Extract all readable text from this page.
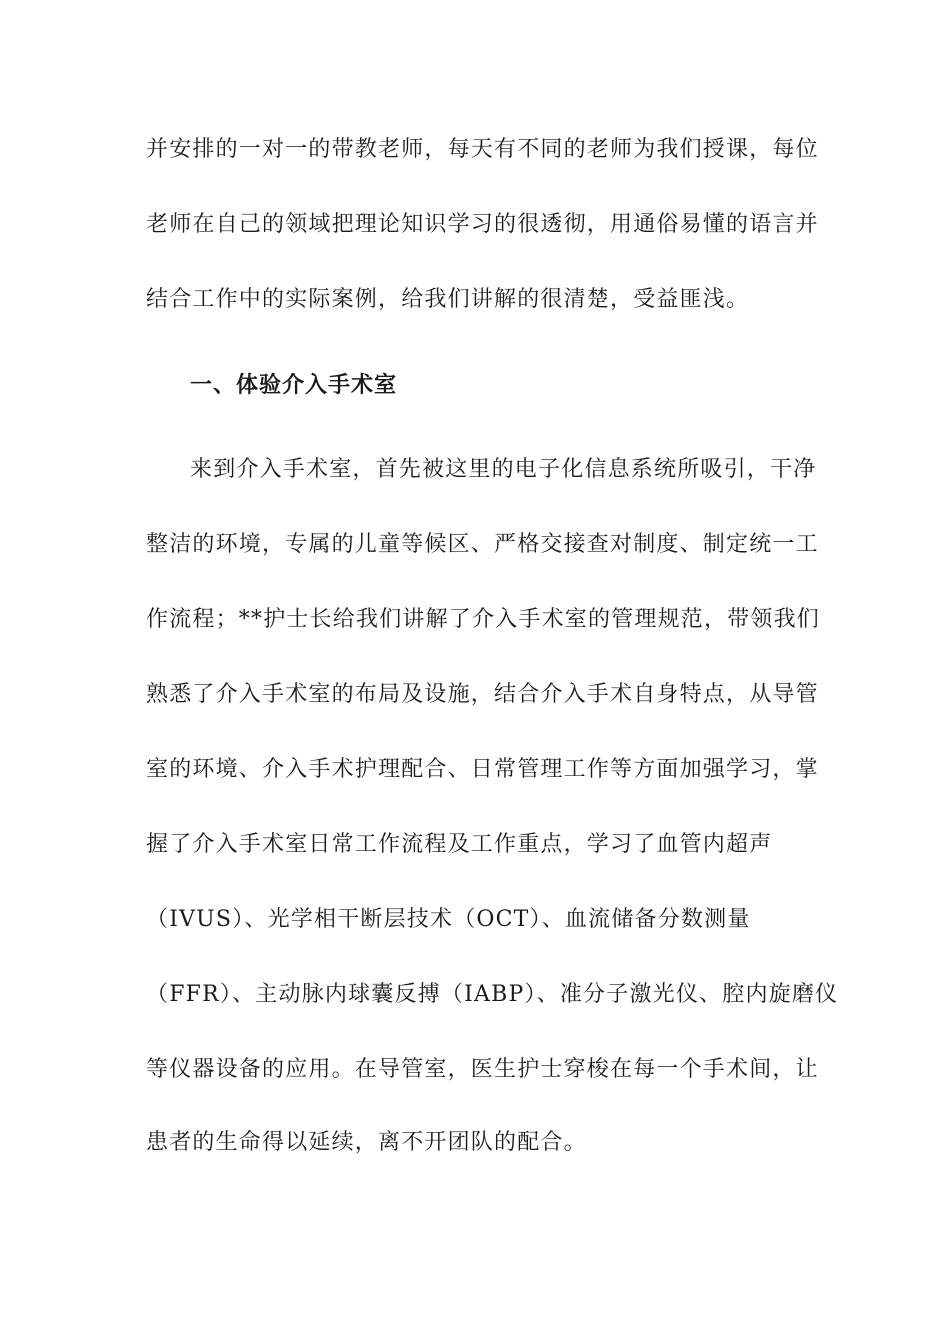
并安排的一对一的带教老师，每天有不同的老师为我们授课，每位
老师在自己的领域把理论知识学习的很透彻，用通俗易懂的语言并
结合工作中的实际案例，给我们讲解的很清楚，受益匪浅。
一、体验介入手术室
来到介入手术室，首先被这里的电子化信息系统所吸引，干净
整洁的环境，专属的儿童等候区、严格交接查对制度、制定统一工
作流程；**护士长给我们讲解了介入手术室的管理规范，带领我们
熟悉了介入手术室的布局及设施，结合介入手术自身特点，从导管
室的环境、介入手术护理配合、日常管理工作等方面加强学习，掌
握了介入手术室日常工作流程及工作重点，学习了血管内超声
（IVUS）、光学相干断层技术（OCT）、血流储备分数测量
（FFR）、主动脉内球囊反搏（IABP）、准分子激光仪、腔内旋磨仪
等仪器设备的应用。在导管室，医生护士穿梭在每一个手术间，让
患者的生命得以延续，离不开团队的配合。
